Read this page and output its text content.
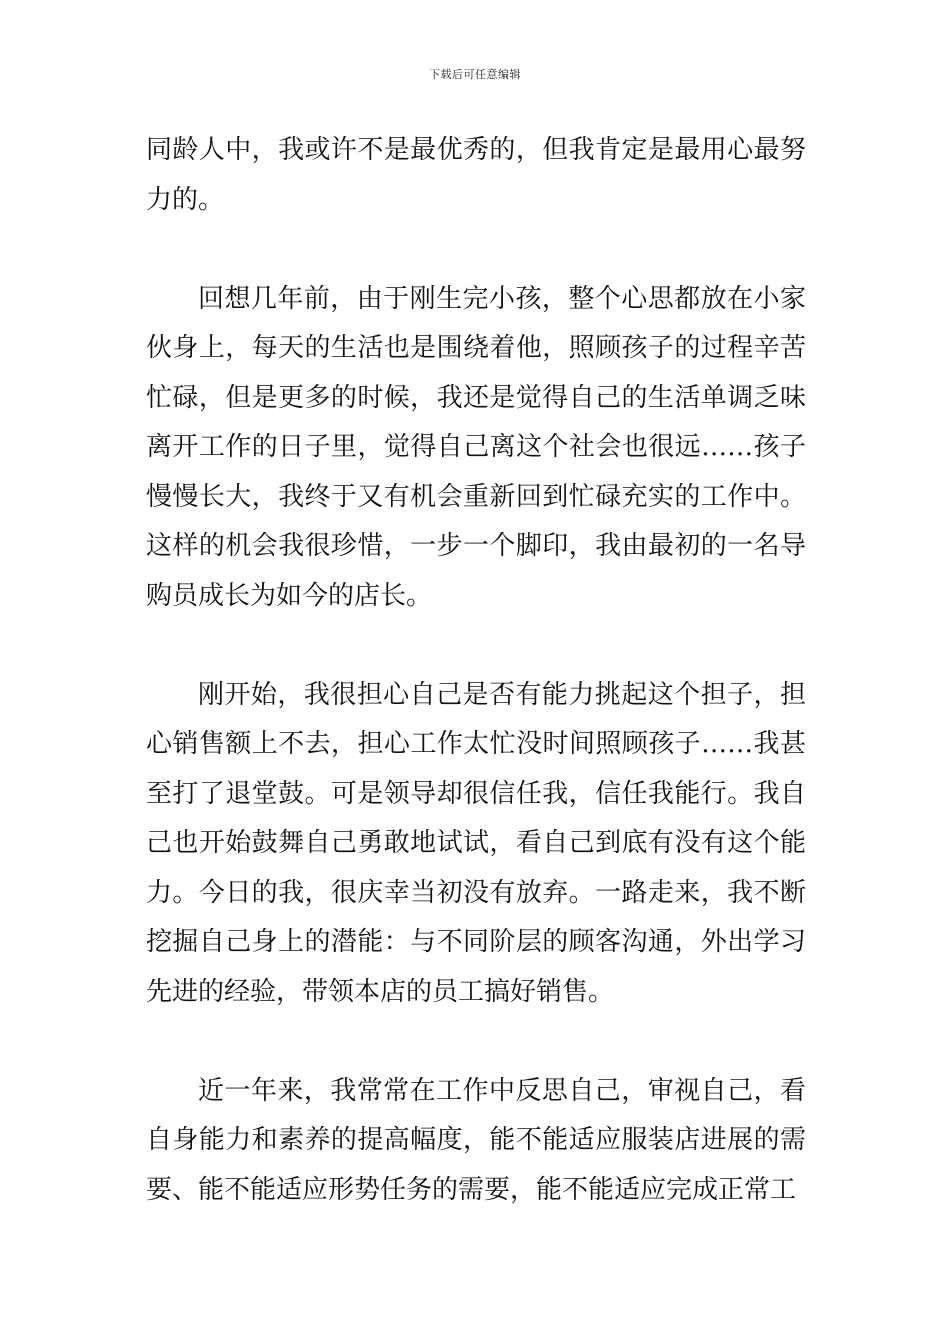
下载后可任意编辑

同龄人中，我或许不是最优秀的，但我肯定是最用心最努力的。

回想几年前，由于刚生完小孩，整个心思都放在小家伙身上，每天的生活也是围绕着他，照顾孩子的过程辛苦忙碌，但是更多的时候，我还是觉得自己的生活单调乏味离开工作的日子里，觉得自己离这个社会也很远……孩子慢慢长大，我终于又有机会重新回到忙碌充实的工作中。这样的机会我很珍惜，一步一个脚印，我由最初的一名导购员成长为如今的店长。

刚开始，我很担心自己是否有能力挑起这个担子，担心销售额上不去，担心工作太忙没时间照顾孩子……我甚至打了退堂鼓。可是领导却很信任我，信任我能行。我自己也开始鼓舞自己勇敢地试试，看自己到底有没有这个能力。今日的我，很庆幸当初没有放弃。一路走来，我不断挖掘自己身上的潜能：与不同阶层的顾客沟通，外出学习先进的经验，带领本店的员工搞好销售。

近一年来，我常常在工作中反思自己，审视自己，看自身能力和素养的提高幅度，能不能适应服装店进展的需要、能不能适应形势任务的需要，能不能适应完成正常工
